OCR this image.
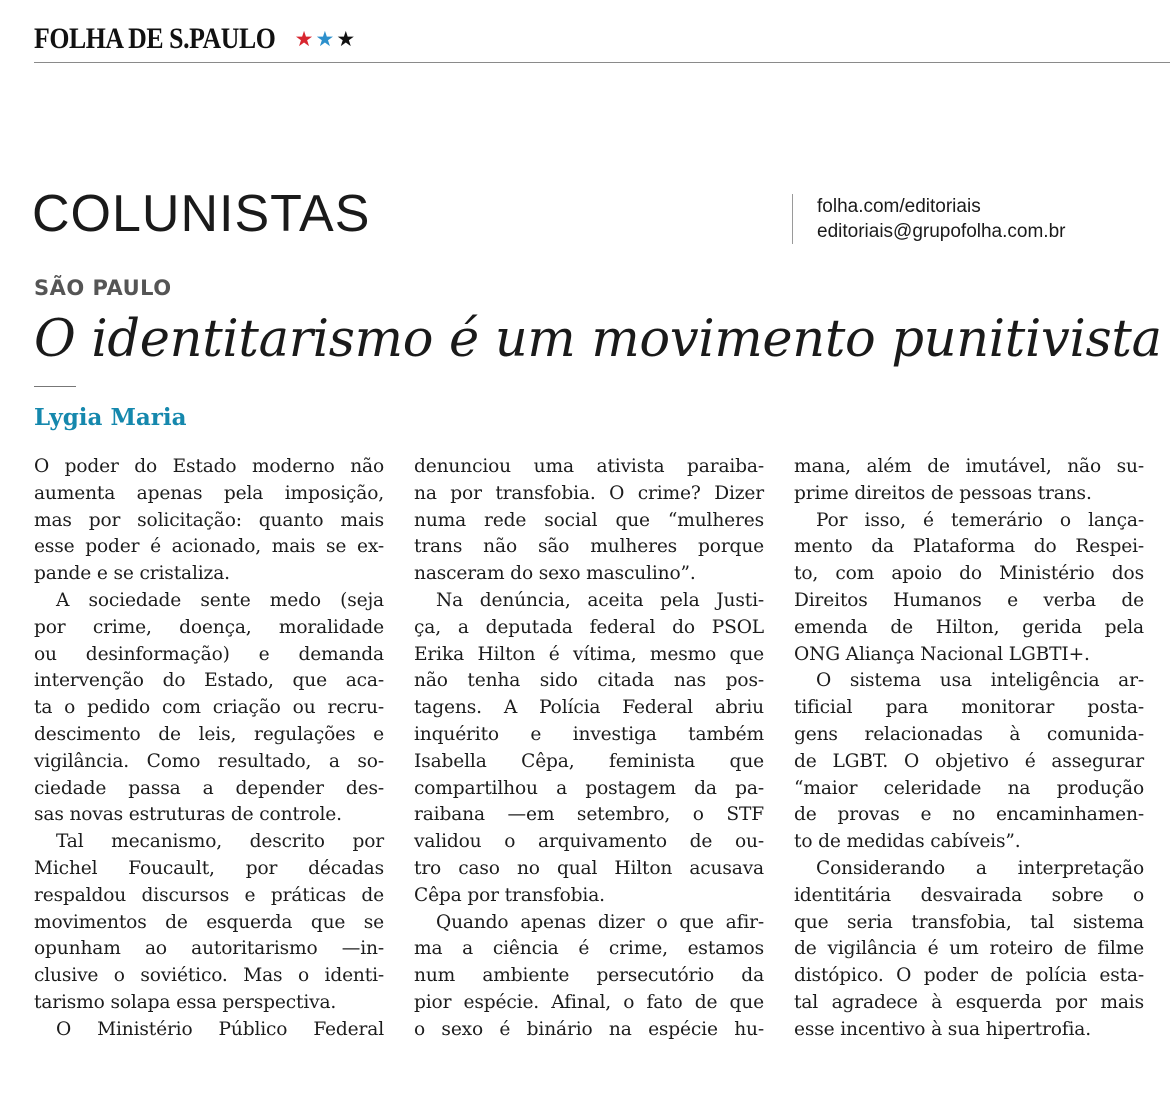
FOLHA DE S.PAULO ★★★
COLUNISTAS	folha.com/editoriais
editoriais@grupofolha.com.br
SÃO PAULO
O identitarismo é um movimento punitivista
Lygia Maria
O poder do Estado moderno não
aumenta apenas pela imposição,
mas por solicitação: quanto mais
esse poder é acionado, mais se ex-
pande e se cristaliza.
A sociedade sente medo (seja
por crime, doença, moralidade
ou desinformação) e demanda
intervenção do Estado, que aca-
ta o pedido com criação ou recru-
descimento de leis, regulações e
vigilância. Como resultado, a so-
ciedade passa a depender des-
sas novas estruturas de controle.
Tal mecanismo, descrito por
Michel Foucault, por décadas
respaldou discursos e práticas de
movimentos de esquerda que se
opunham ao autoritarismo —in-
clusive o soviético. Mas o identi-
tarismo solapa essa perspectiva.
O Ministério Público Federal
denunciou uma ativista paraiba-
na por transfobia. O crime? Dizer
numa rede social que “mulheres
trans não são mulheres porque
nasceram do sexo masculino”.
Na denúncia, aceita pela Justi-
ça, a deputada federal do PSOL
Erika Hilton é vítima, mesmo que
não tenha sido citada nas pos-
tagens. A Polícia Federal abriu
inquérito e investiga também
Isabella Cêpa, feminista que
compartilhou a postagem da pa-
raibana —em setembro, o STF
validou o arquivamento de ou-
tro caso no qual Hilton acusava
Cêpa por transfobia.
Quando apenas dizer o que afir-
ma a ciência é crime, estamos
num ambiente persecutório da
pior espécie. Afinal, o fato de que
o sexo é binário na espécie hu-
mana, além de imutável, não su-
prime direitos de pessoas trans.
Por isso, é temerário o lança-
mento da Plataforma do Respei-
to, com apoio do Ministério dos
Direitos Humanos e verba de
emenda de Hilton, gerida pela
ONG Aliança Nacional LGBTI+.
O sistema usa inteligência ar-
tificial para monitorar posta-
gens relacionadas à comunida-
de LGBT. O objetivo é assegurar
“maior celeridade na produção
de provas e no encaminhamen-
to de medidas cabíveis”.
Considerando a interpretação
identitária desvairada sobre o
que seria transfobia, tal sistema
de vigilância é um roteiro de filme
distópico. O poder de polícia esta-
tal agradece à esquerda por mais
esse incentivo à sua hipertrofia.
